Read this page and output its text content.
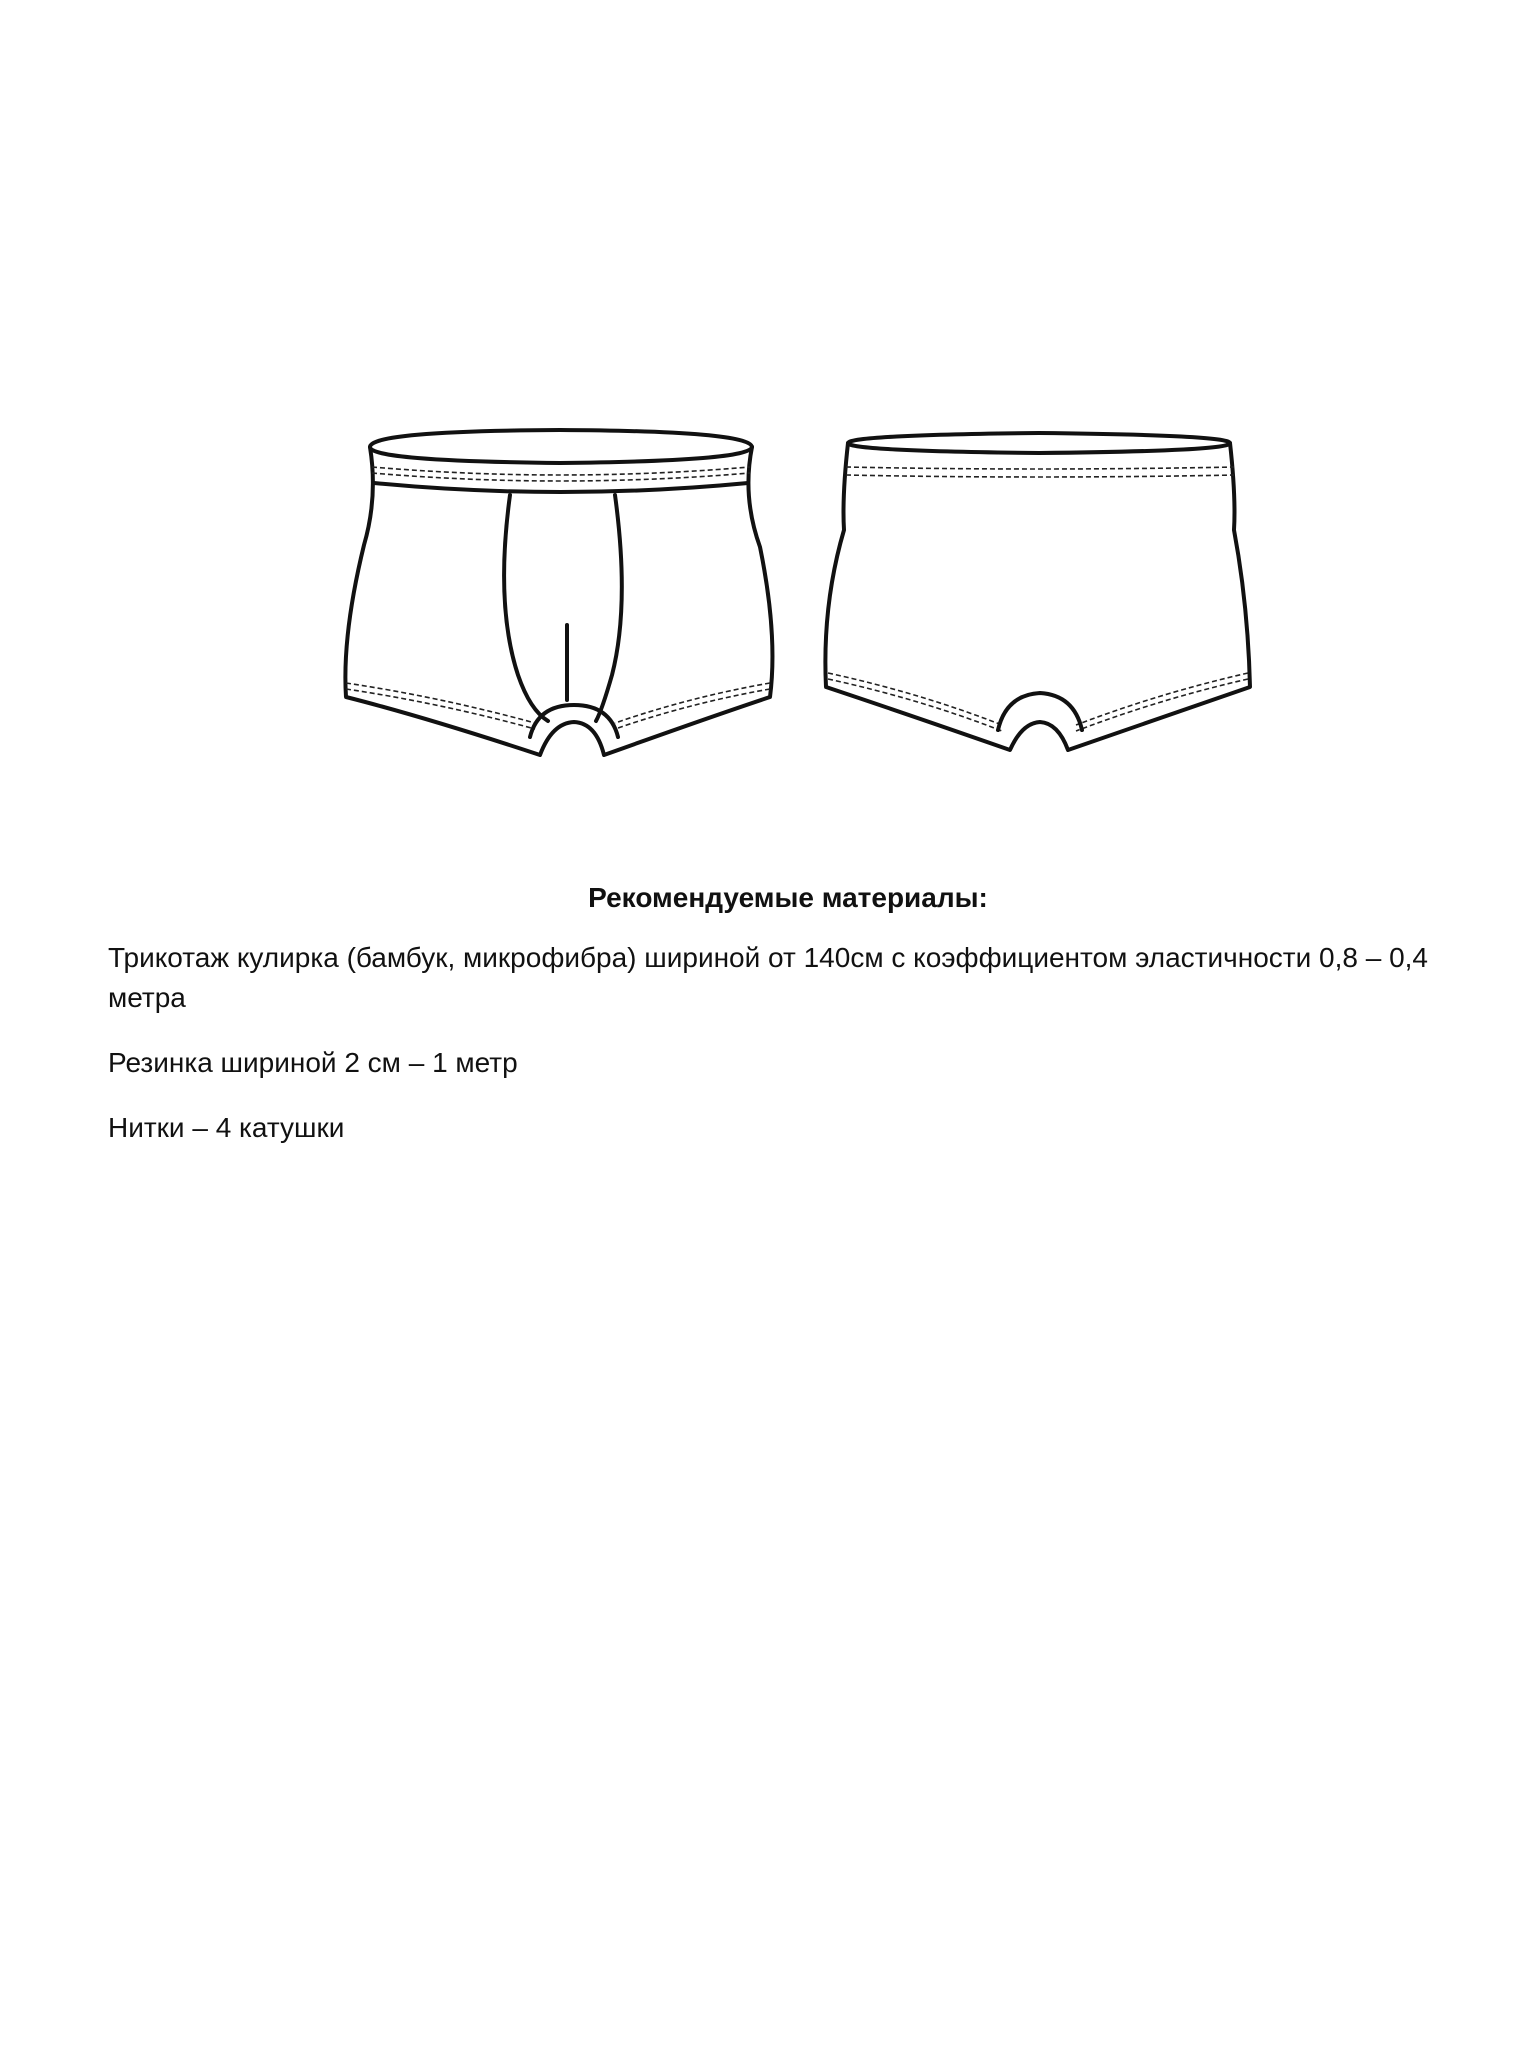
Рекомендуемые материалы:
Трикотаж кулирка (бамбук, микрофибра) шириной от 140см с коэффициентом эластичности 0,8 – 0,4 метра
Резинка шириной 2 см – 1 метр
Нитки – 4 катушки
